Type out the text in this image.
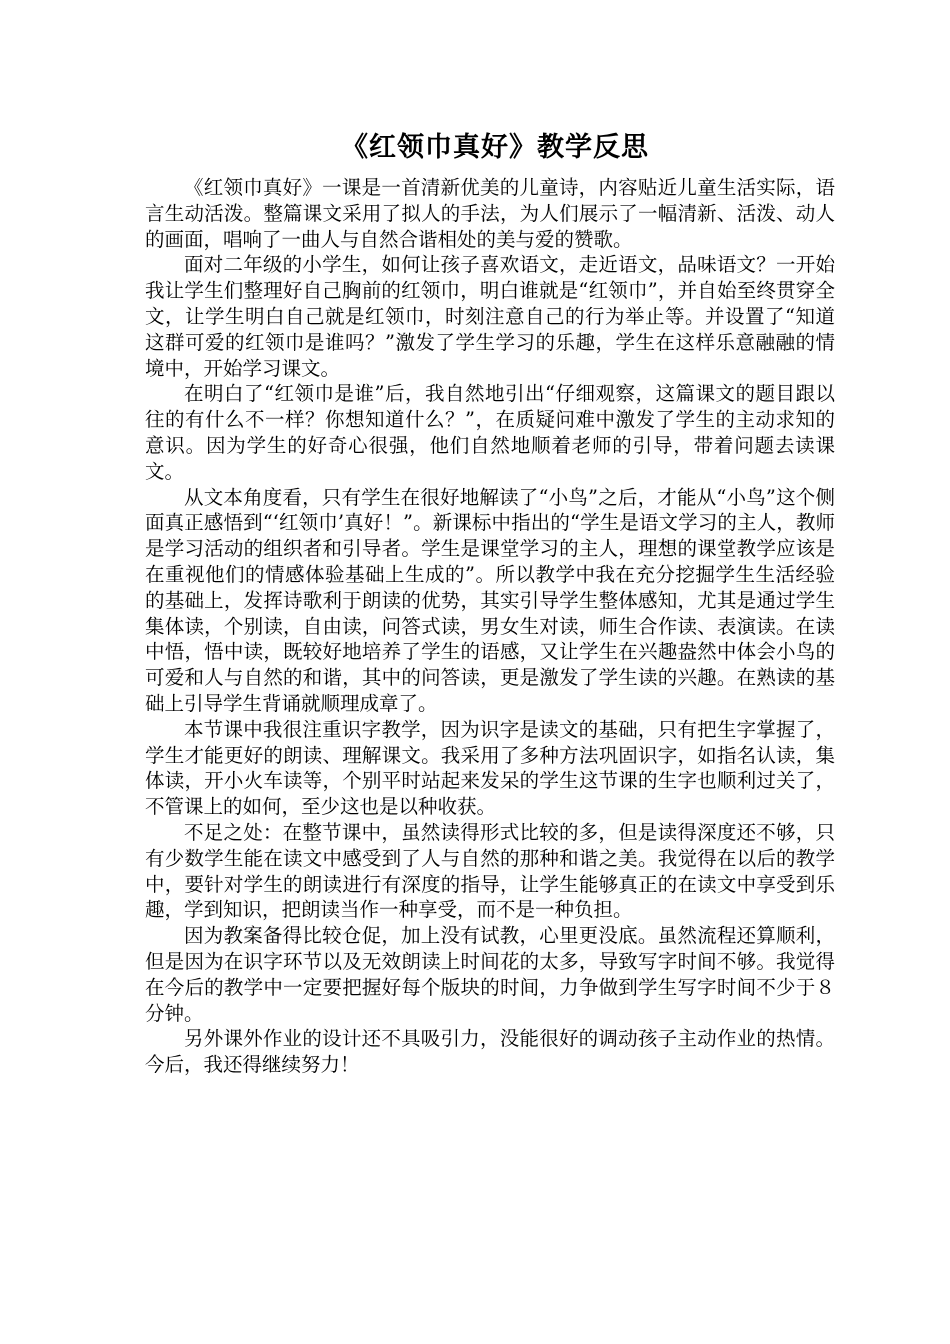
《红领巾真好》教学反思

《红领巾真好》一课是一首清新优美的儿童诗，内容贴近儿童生活实际，语言生动活泼。整篇课文采用了拟人的手法，为人们展示了一幅清新、活泼、动人的画面，唱响了一曲人与自然合谐相处的美与爱的赞歌。

面对二年级的小学生，如何让孩子喜欢语文，走近语文，品味语文？一开始我让学生们整理好自己胸前的红领巾，明白谁就是“红领巾”，并自始至终贯穿全文，让学生明白自己就是红领巾，时刻注意自己的行为举止等。并设置了“知道这群可爱的红领巾是谁吗？”激发了学生学习的乐趣，学生在这样乐意融融的情境中，开始学习课文。

在明白了“红领巾是谁”后，我自然地引出“仔细观察，这篇课文的题目跟以往的有什么不一样？你想知道什么？”，在质疑问难中激发了学生的主动求知的意识。因为学生的好奇心很强，他们自然地顺着老师的引导，带着问题去读课文。

从文本角度看，只有学生在很好地解读了“小鸟”之后，才能从“小鸟”这个侧面真正感悟到“‘红领巾’真好！”。新课标中指出的“学生是语文学习的主人，教师是学习活动的组织者和引导者。学生是课堂学习的主人，理想的课堂教学应该是在重视他们的情感体验基础上生成的”。所以教学中我在充分挖掘学生生活经验的基础上，发挥诗歌利于朗读的优势，其实引导学生整体感知，尤其是通过学生集体读，个别读，自由读，问答式读，男女生对读，师生合作读、表演读。在读中悟，悟中读，既较好地培养了学生的语感，又让学生在兴趣盎然中体会小鸟的可爱和人与自然的和谐，其中的问答读，更是激发了学生读的兴趣。在熟读的基础上引导学生背诵就顺理成章了。

本节课中我很注重识字教学，因为识字是读文的基础，只有把生字掌握了，学生才能更好的朗读、理解课文。我采用了多种方法巩固识字，如指名认读，集体读，开小火车读等，个别平时站起来发呆的学生这节课的生字也顺利过关了，不管课上的如何，至少这也是以种收获。

不足之处：在整节课中，虽然读得形式比较的多，但是读得深度还不够，只有少数学生能在读文中感受到了人与自然的那种和谐之美。我觉得在以后的教学中，要针对学生的朗读进行有深度的指导，让学生能够真正的在读文中享受到乐趣，学到知识，把朗读当作一种享受，而不是一种负担。

因为教案备得比较仓促，加上没有试教，心里更没底。虽然流程还算顺利，但是因为在识字环节以及无效朗读上时间花的太多，导致写字时间不够。我觉得在今后的教学中一定要把握好每个版块的时间，力争做到学生写字时间不少于８分钟。

另外课外作业的设计还不具吸引力，没能很好的调动孩子主动作业的热情。今后，我还得继续努力！
